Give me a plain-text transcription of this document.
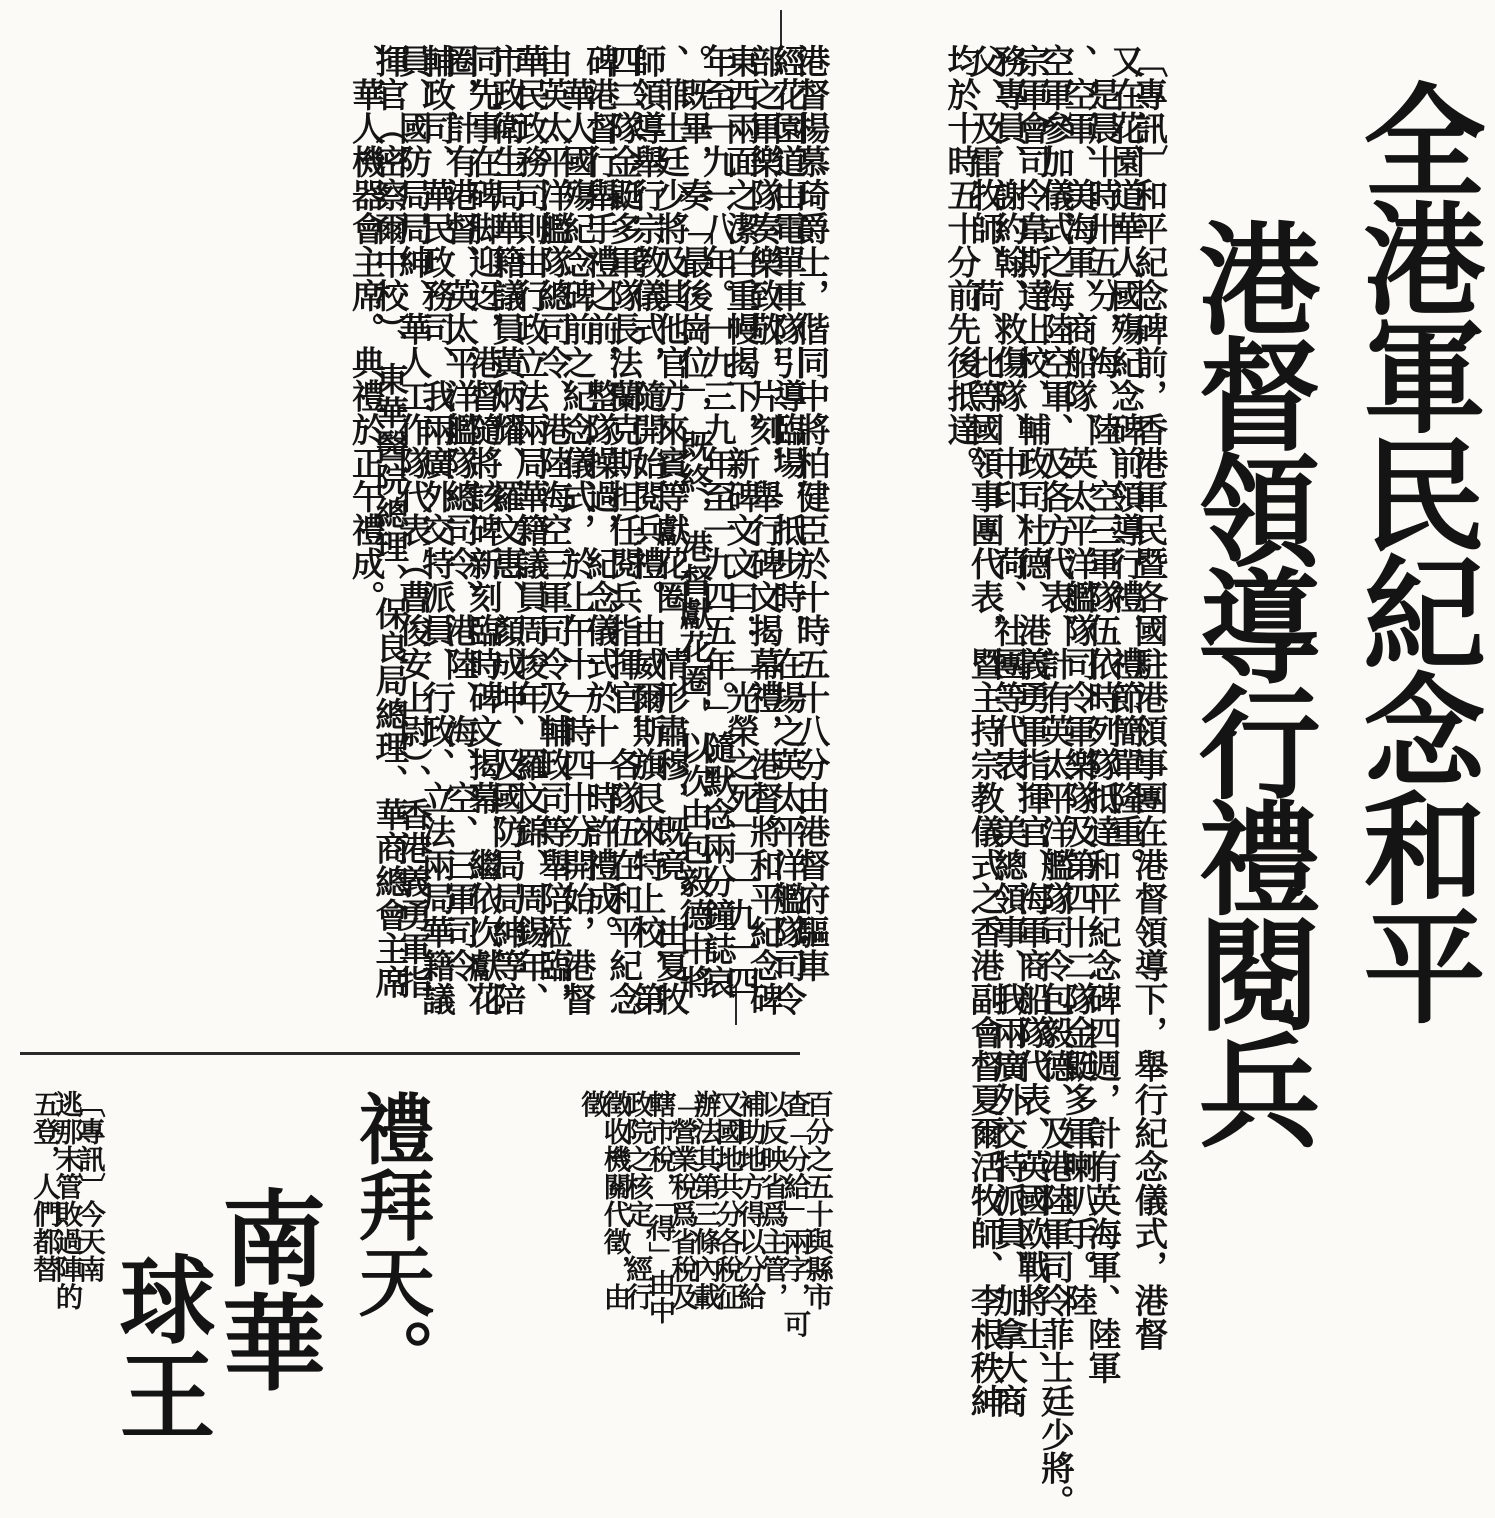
全港軍民紀念和平
港督領導行禮閱兵
〔專訊〕和平紀念碑前，香港軍民暨各國駐港領事團在港督領導下，舉行紀念儀式，港督
又在花園道華人國殤紀念碑前領導行禮，禮節簡單隆重。
　是晨十時卅五分，海、陸、空三軍隊伍依時列隊抵達和平紀念碑四週，計有英海軍、陸軍
、空軍、美海軍、商船隊、英太平洋艦隊司令軍樂隊及第四十二隊金鼮多軍喇叭手。陸
空軍參加儀式之海陸空軍、及各方代表、計有英太平洋艦隊司令包毅德、及港陸軍司令菲士廷少將。
宗軍會司令韋斯達上校、輔政司杜德、港義勇軍指揮官、海軍商船隊代表、英國欧戰將士、
務專員、謝約翰、救傷隊、中印、荷、社團等代表、美總領事、我兩廣外交特派員、加拿大商
父、及雷牧師、荷、比等國領事團代表，暨主持宗教儀式之香港副會督夏爾活牧師、李根秩紳
均於十時五十分前先後抵達。
港督楊慕琦爵士，偕同中將柏健臣於十時五十八分由港督府驅車
經花園道由電單車隊引導臨場，抵步時，在場之英太平洋艦隊司令
部之軍樂隊奏樂致敬，片刻，舉行碑文揭幕禮，港督將和平紀念碑
東西兩面之潔白重幔揭下，新碑文文曰：「光榮之死」「一九一四
年至一九一八年。一九三九年至一九四五年。」隨默念兩分鐘誌哀
。既畢，奏「最後崗位」，既終，港督獻花圈，以次由包毅德中將
、菲士廷少將及其他官方來賓等獻花圈，情形肅穆，既竟，由夏牧
師領導舉行宗教儀式，隨開始閱兵禮。由威爾斯旗艮來特上校，第
四二隊金鼮多軍隊長法蘭克斯担任閱兵指揮官，各隊伍在和平紀念
碑港督行舉手禮之前，整隊操過，紀念儀式於十一時許禮成。
　華人國殤紀念碑前之紀念儀式，於上午十一時四十分開始，港督
由英太平洋艦隊總司令、港陸海空三軍司令及輔政司等舉陪蒞臨，
華民政務司則由行政立法兩局華籍議員周埈年、羅文錦、周錫年、
市政衛生局華籍議員黃炳耀、羅文惠、顏成坤、及國防局局紳等陪
同先事在碑脚迎迓，港督隨將該碑新刻臨時碑文揭幕，繼依次獻花
圈，計有港督、英太平洋艦隊總司令、港陸、海、空、三軍司令、
輔政司、華民政務司、我兩廣外交特派員、行政、立法兩局華籍議
員、國防局局紳、華人工作隊代表（曹俊安上尉）、香港義勇軍指
揮官（密察爾中校）、東華醫院總理、保良局總理、華商總會主席
、華人機器會主席。典禮於正午禮成。
百分之五十與縣市
查「分給」兩字，可
以反映省爲主管，
補助地方得以分給
又國地共分各稅征
辦法其第三條內載
「營業稅爲省稅及
轄市稅，「得」由中
政院之核定，經行
徵收機關代徵，由
徵
禮拜天。
南華
球王
〔專訊〕今天南
逃那末管敗過陣的
五登，人們都替
